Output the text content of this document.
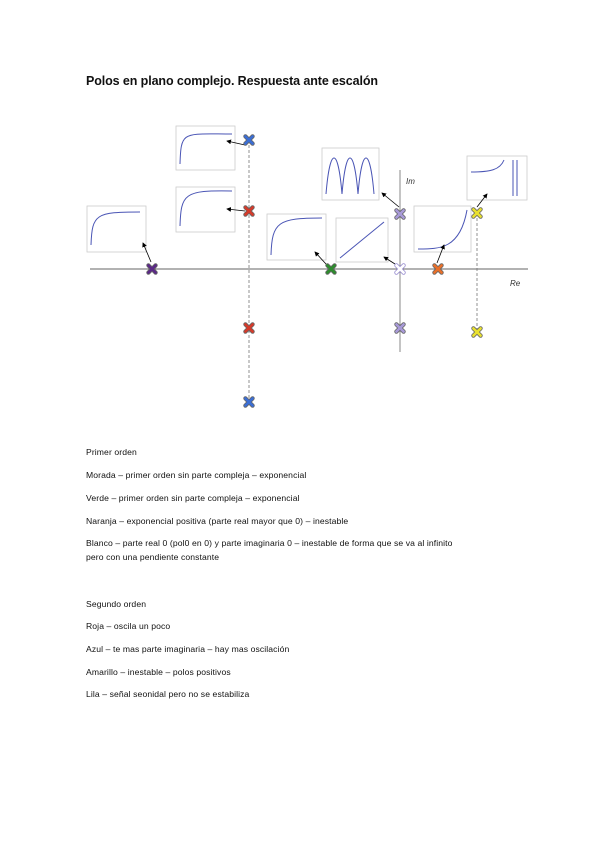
Polos en plano complejo. Respuesta ante escalón
Re
Im
Primer orden
Morada – primer orden sin parte compleja – exponencial
Verde – primer orden sin parte compleja – exponencial
Naranja – exponencial positiva (parte real mayor que 0) – inestable
Blanco – parte real 0 (pol0 en 0) y parte imaginaria 0 – inestable de forma que se va al infinito
pero con una pendiente constante
Segundo orden
Roja – oscila un poco
Azul – te mas parte imaginaria – hay mas oscilación
Amarillo – inestable – polos positivos
Lila – señal seonidal pero no se estabiliza
